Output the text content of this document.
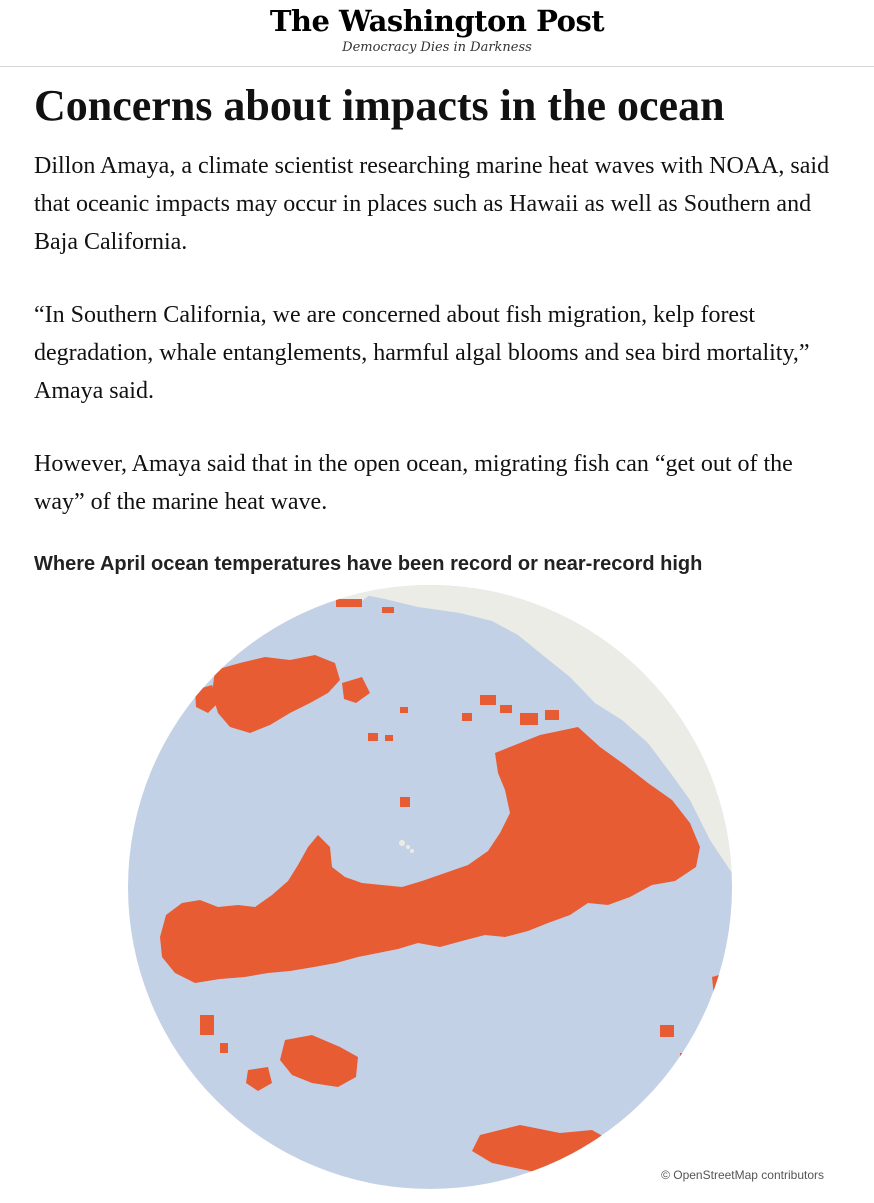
The Washington Post
Democracy Dies in Darkness
Concerns about impacts in the ocean

Dillon Amaya, a climate scientist researching marine heat waves with NOAA, said that oceanic impacts may occur in places such as Hawaii as well as Southern and Baja California.

“In Southern California, we are concerned about fish migration, kelp forest degradation, whale entanglements, harmful algal blooms and sea bird mortality,” Amaya said.

However, Amaya said that in the open ocean, migrating fish can “get out of the way” of the marine heat wave.

Where April ocean temperatures have been record or near-record high
© OpenStreetMap contributors
